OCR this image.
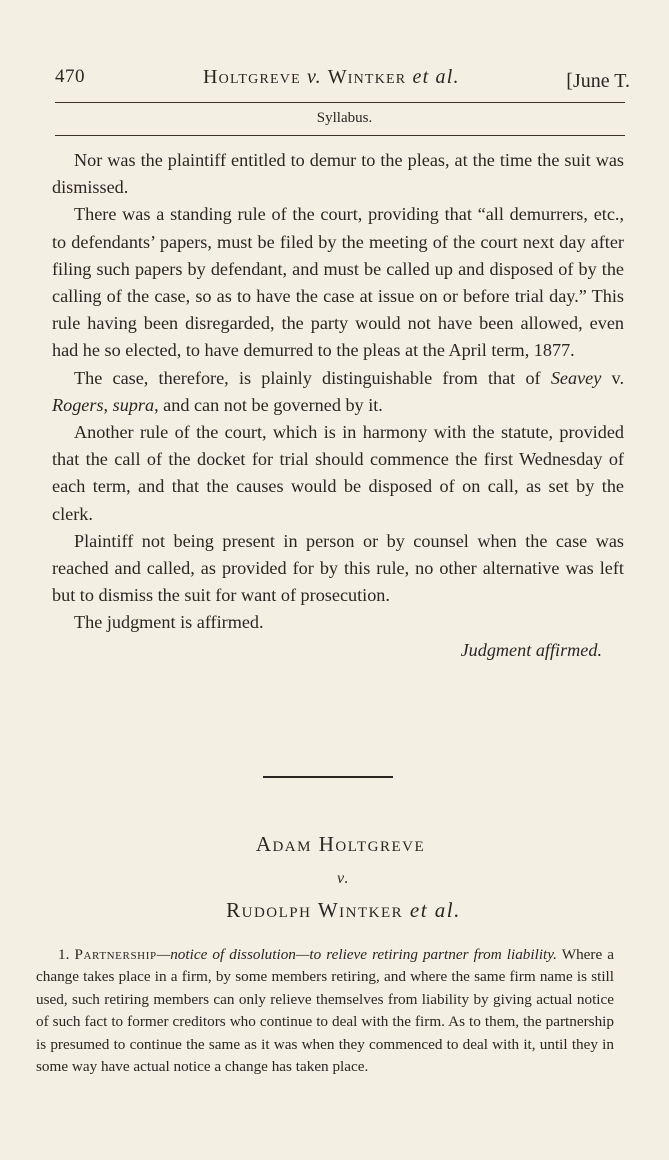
470	Holtgreve v. Wintker et al.	[June T.
Syllabus.

Nor was the plaintiff entitled to demur to the pleas, at the time the suit was dismissed.

There was a standing rule of the court, providing that “all demurrers, etc., to defendants’ papers, must be filed by the meeting of the court next day after filing such papers by defendant, and must be called up and disposed of by the calling of the case, so as to have the case at issue on or before trial day.” This rule having been disregarded, the party would not have been allowed, even had he so elected, to have demurred to the pleas at the April term, 1877.

The case, therefore, is plainly distinguishable from that of Seavey v. Rogers, supra, and can not be governed by it.

Another rule of the court, which is in harmony with the statute, provided that the call of the docket for trial should commence the first Wednesday of each term, and that the causes would be disposed of on call, as set by the clerk.

Plaintiff not being present in person or by counsel when the case was reached and called, as provided for by this rule, no other alternative was left but to dismiss the suit for want of prosecution.

The judgment is affirmed.

Judgment affirmed.

Adam Holtgreve
v.
Rudolph Wintker et al.

1. Partnership—notice of dissolution—to relieve retiring partner from liability. Where a change takes place in a firm, by some members retiring, and where the same firm name is still used, such retiring members can only relieve themselves from liability by giving actual notice of such fact to former creditors who continue to deal with the firm. As to them, the partnership is presumed to continue the same as it was when they commenced to deal with it, until they in some way have actual notice a change has taken place.
